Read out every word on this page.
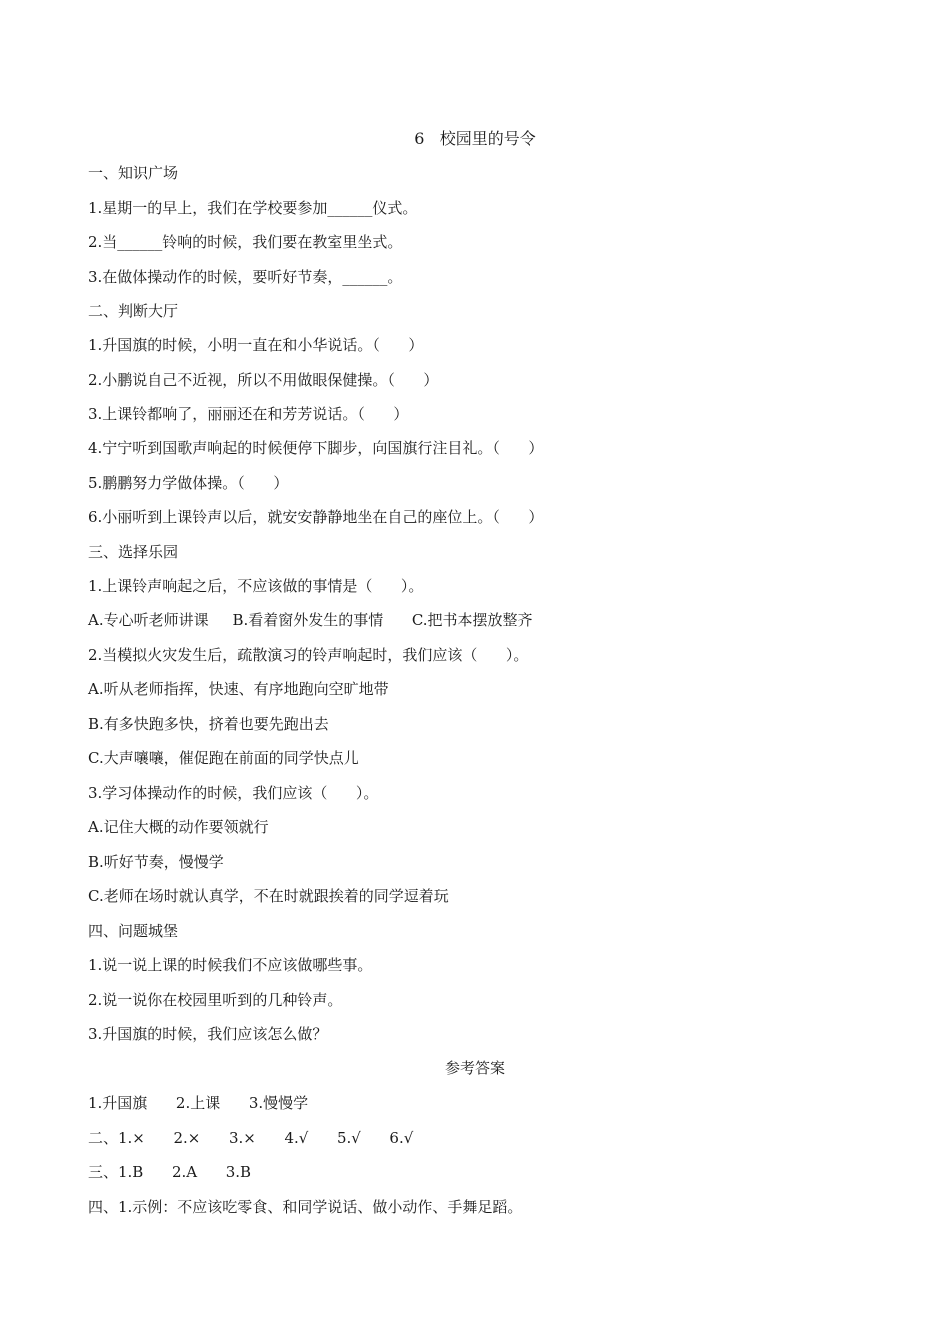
6   校园里的号令
一、知识广场
1.星期一的早上，我们在学校要参加______仪式。
2.当______铃响的时候，我们要在教室里坐式。
3.在做体操动作的时候，要听好节奏，______。
二、判断大厅
1.升国旗的时候，小明一直在和小华说话。（      ）
2.小鹏说自己不近视，所以不用做眼保健操。（      ）
3.上课铃都响了，丽丽还在和芳芳说话。（      ）
4.宁宁听到国歌声响起的时候便停下脚步，向国旗行注目礼。（      ）
5.鹏鹏努力学做体操。（      ）
6.小丽听到上课铃声以后，就安安静静地坐在自己的座位上。（      ）
三、选择乐园
1.上课铃声响起之后，不应该做的事情是（      ）。
A.专心听老师讲课     B.看着窗外发生的事情      C.把书本摆放整齐
2.当模拟火灾发生后，疏散演习的铃声响起时，我们应该（      ）。
A.听从老师指挥，快速、有序地跑向空旷地带
B.有多快跑多快，挤着也要先跑出去
C.大声嚷嚷，催促跑在前面的同学快点儿
3.学习体操动作的时候，我们应该（      ）。
A.记住大概的动作要领就行
B.听好节奏，慢慢学
C.老师在场时就认真学，不在时就跟挨着的同学逗着玩
四、问题城堡
1.说一说上课的时候我们不应该做哪些事。
2.说一说你在校园里听到的几种铃声。
3.升国旗的时候，我们应该怎么做？
参考答案
1.升国旗      2.上课      3.慢慢学
二、1.×      2.×      3.×      4.√      5.√      6.√
三、1.B      2.A      3.B
四、1.示例：不应该吃零食、和同学说话、做小动作、手舞足蹈。
